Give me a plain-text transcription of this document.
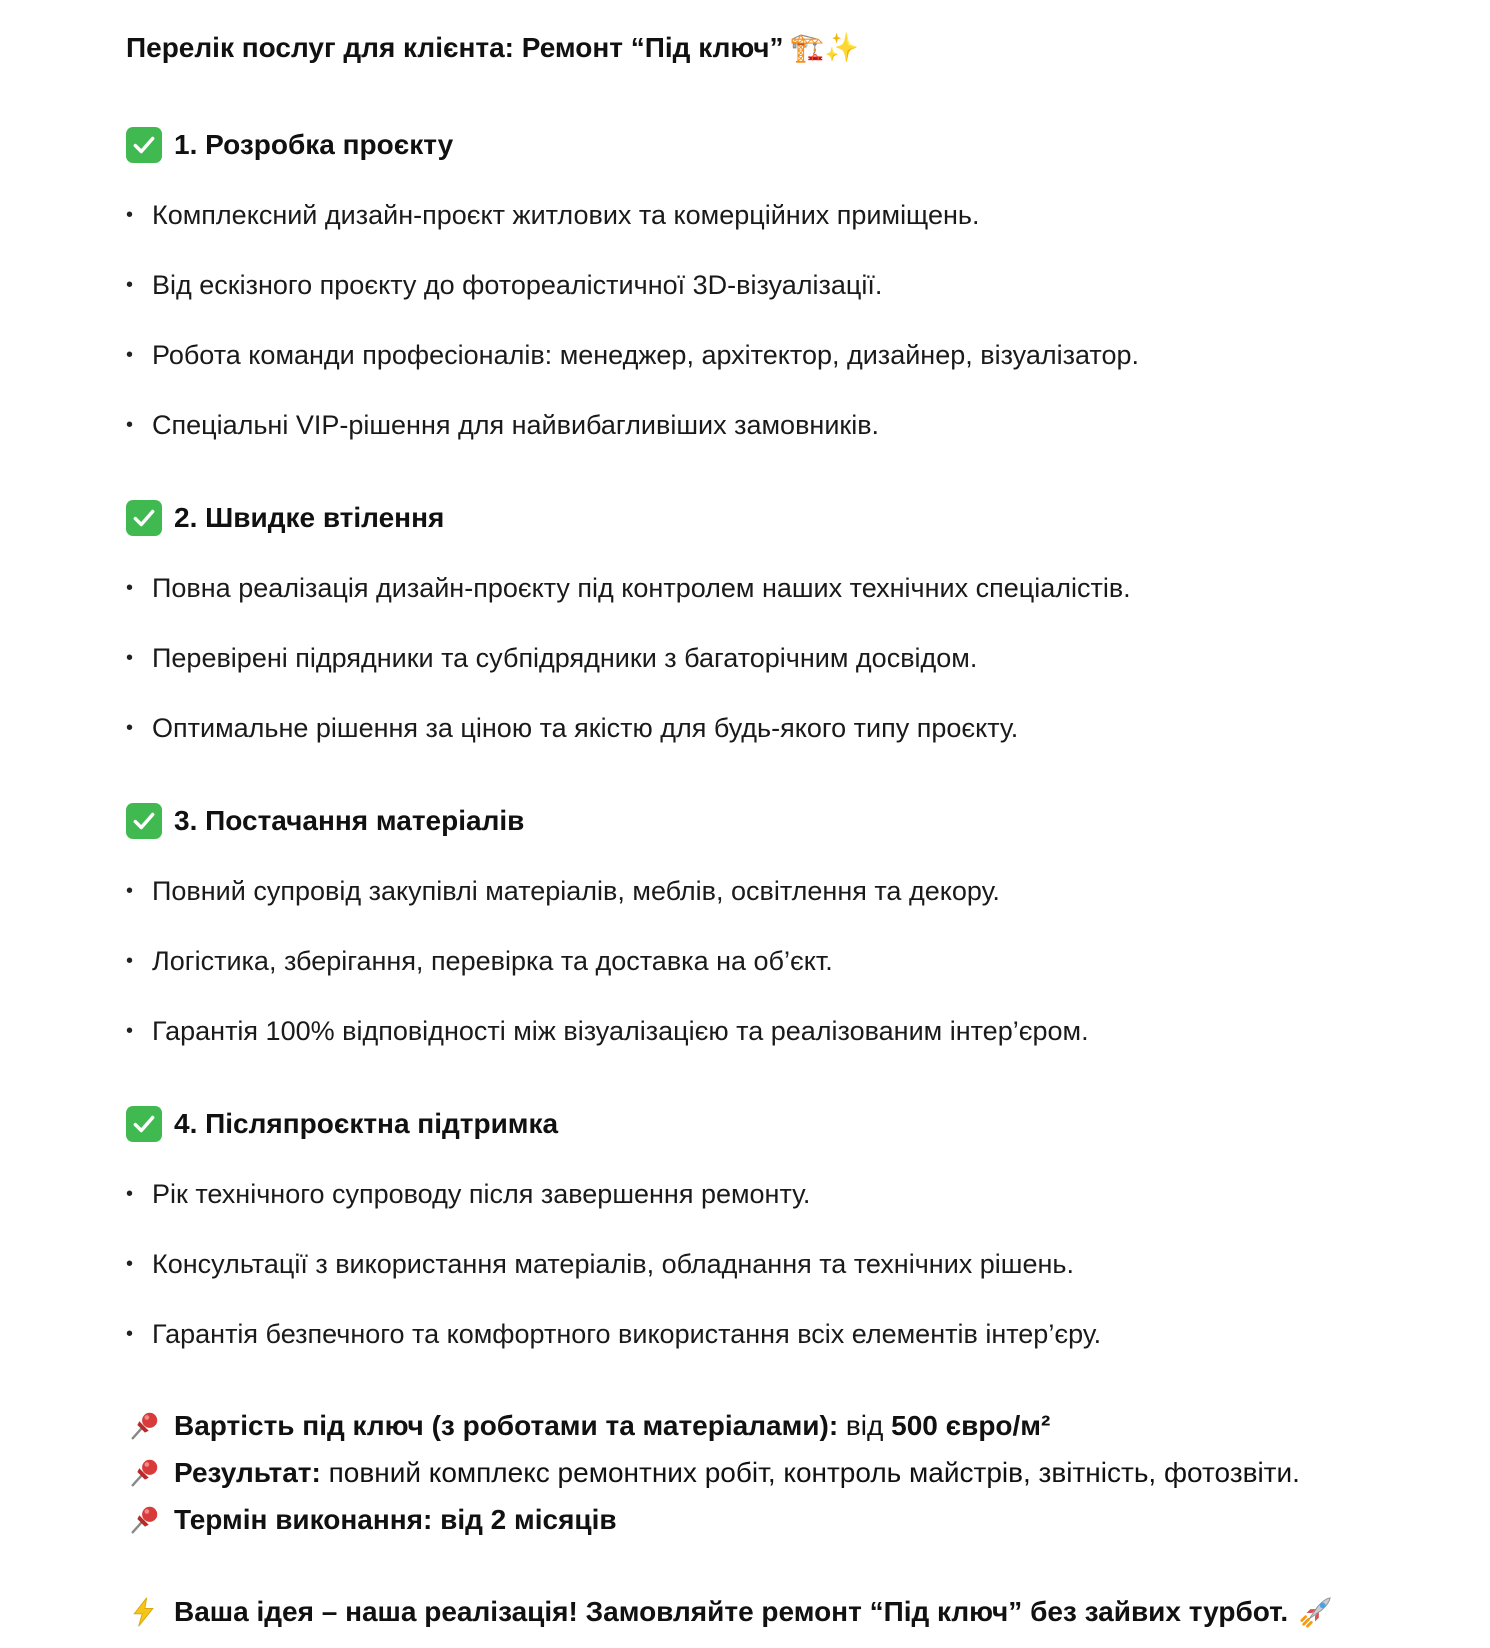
Перелік послуг для клієнта: Ремонт “Під ключ” 🏗️✨
1. Розробка проєкту
• Комплексний дизайн-проєкт житлових та комерційних приміщень.
• Від ескізного проєкту до фотореалістичної 3D-візуалізації.
• Робота команди професіоналів: менеджер, архітектор, дизайнер, візуалізатор.
• Спеціальні VIP-рішення для найвибагливіших замовників.
2. Швидке втілення
• Повна реалізація дизайн-проєкту під контролем наших технічних спеціалістів.
• Перевірені підрядники та субпідрядники з багаторічним досвідом.
• Оптимальне рішення за ціною та якістю для будь-якого типу проєкту.
3. Постачання матеріалів
• Повний супровід закупівлі матеріалів, меблів, освітлення та декору.
• Логістика, зберігання, перевірка та доставка на об’єкт.
• Гарантія 100% відповідності між візуалізацією та реалізованим інтер’єром.
4. Післяпроєктна підтримка
• Рік технічного супроводу після завершення ремонту.
• Консультації з використання матеріалів, обладнання та технічних рішень.
• Гарантія безпечного та комфортного використання всіх елементів інтер’єру.
Вартість під ключ (з роботами та матеріалами):
від
500 євро/м²
Результат:
повний комплекс ремонтних робіт, контроль майстрів, звітність, фотозвіти.
Термін виконання: від 2 місяців
Ваша ідея – наша реалізація! Замовляйте ремонт “Під ключ” без зайвих турбот.
